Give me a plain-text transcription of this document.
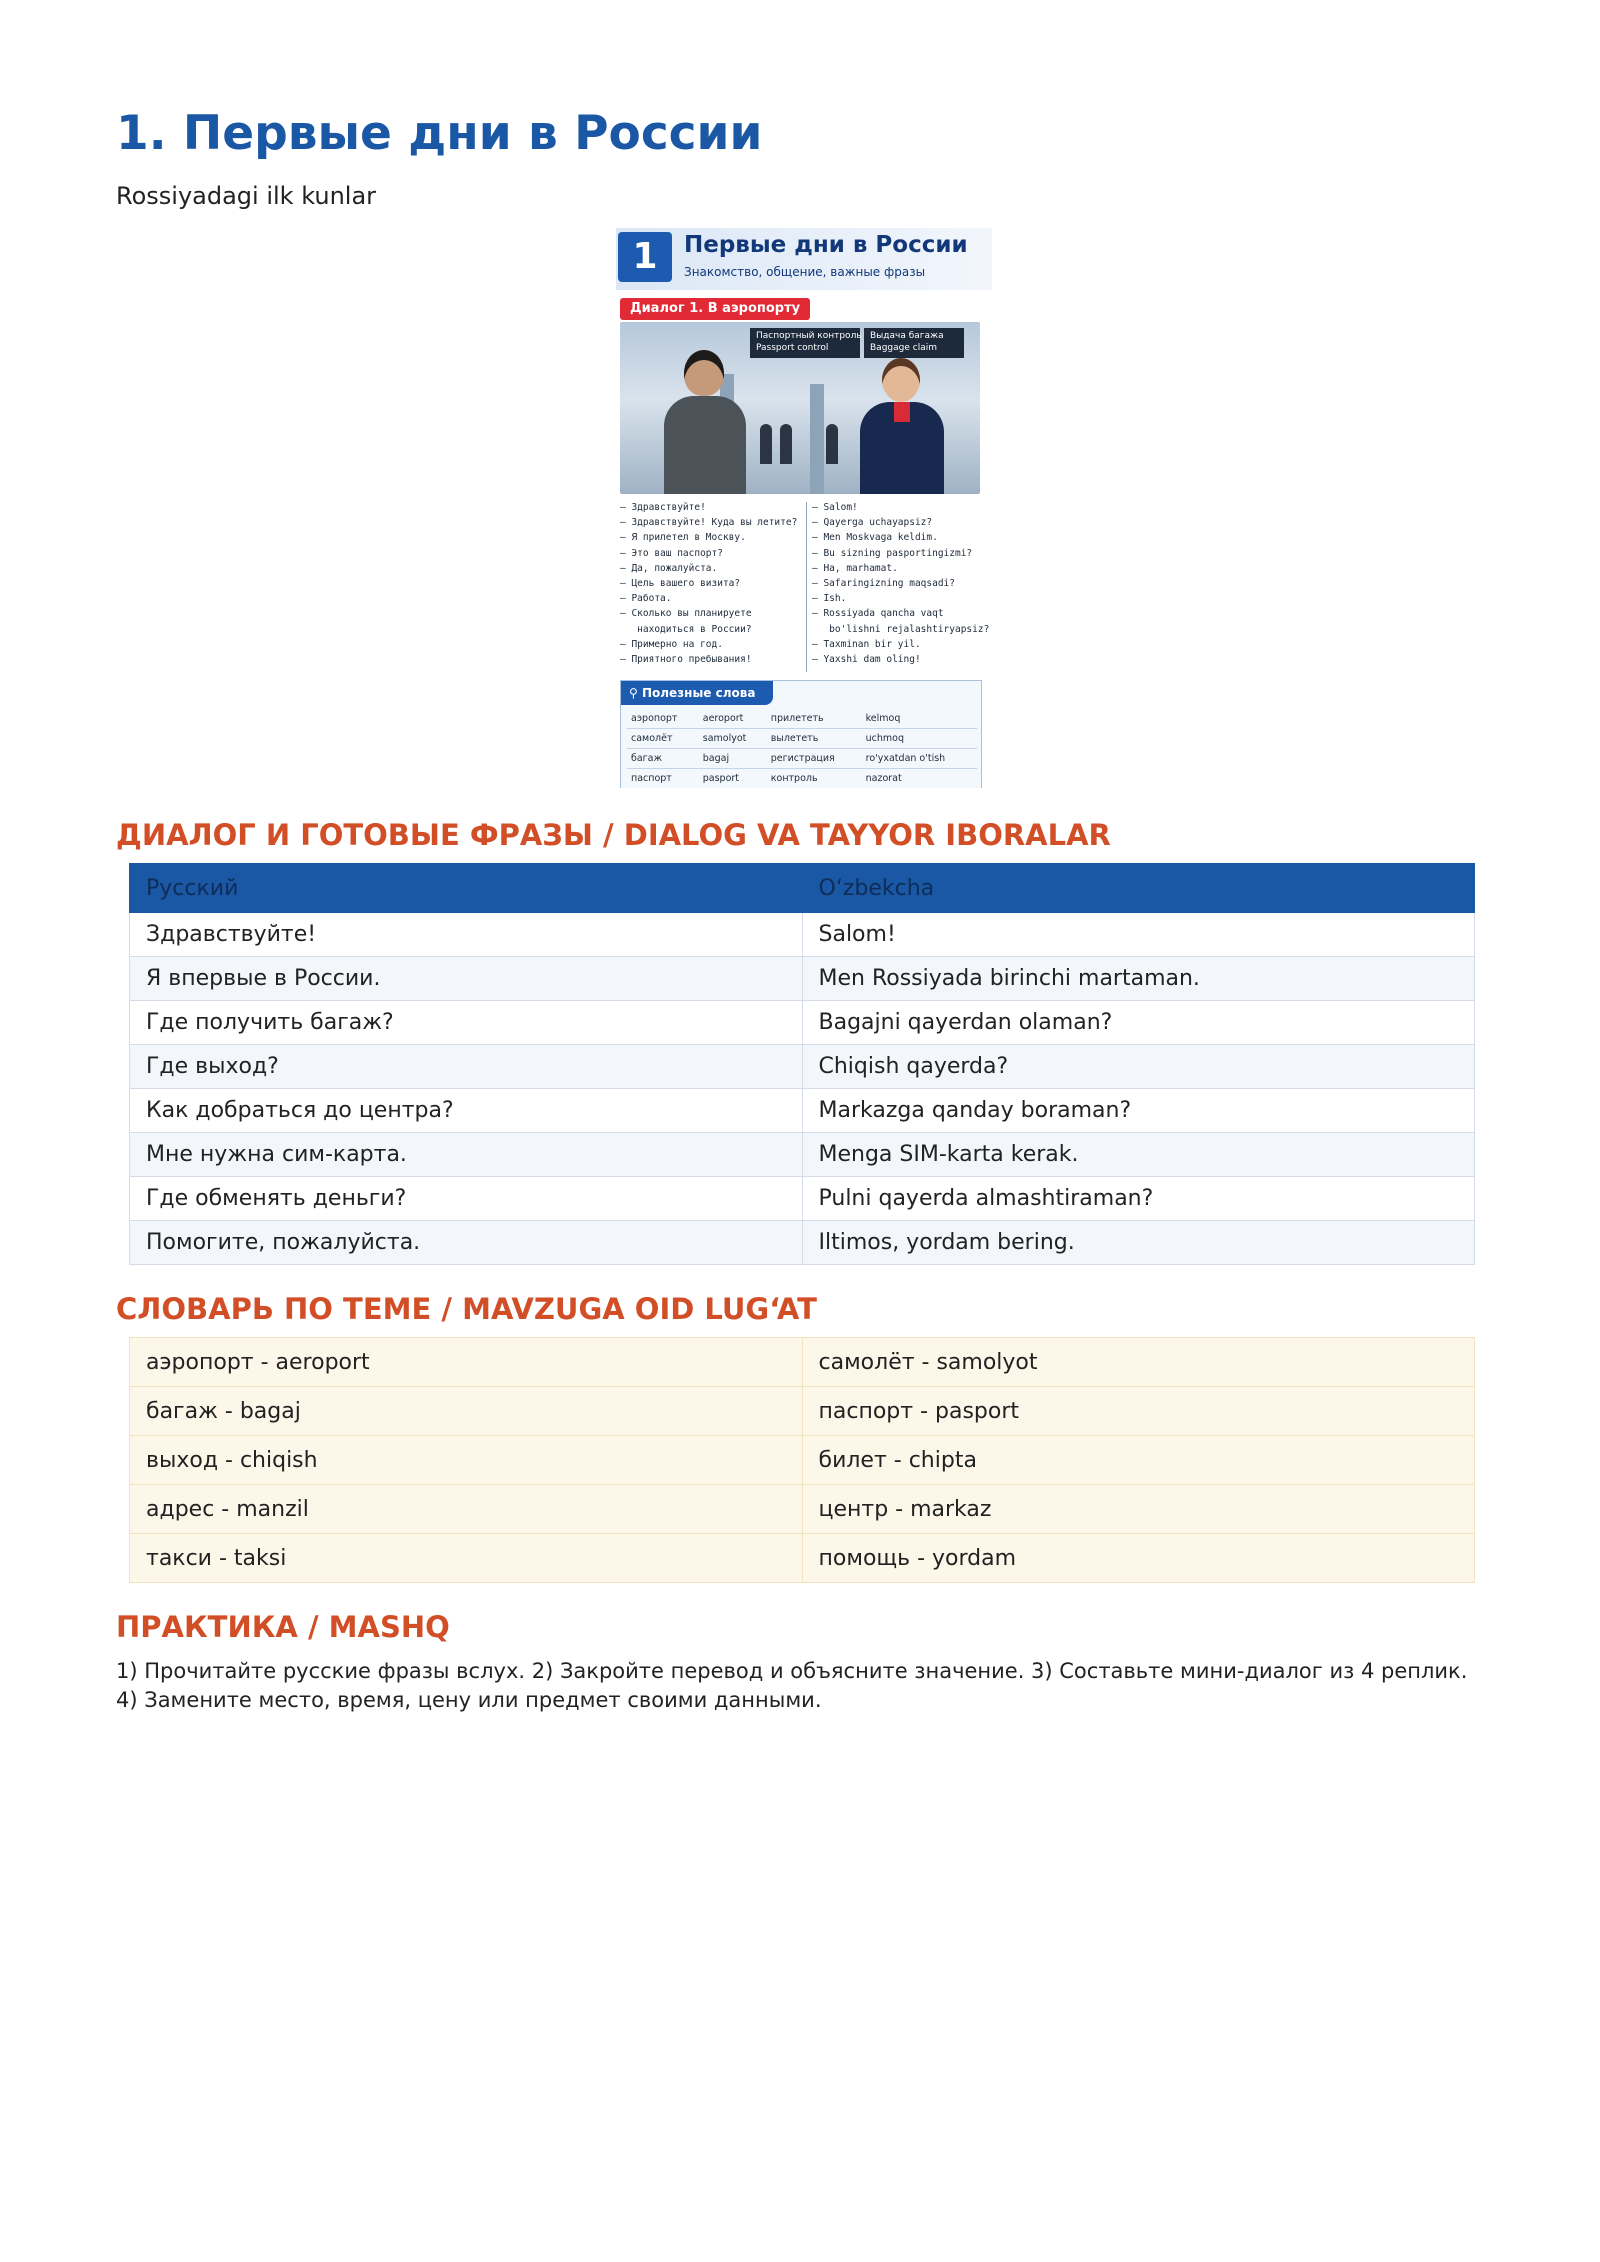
1. Первые дни в России
Rossiyadagi ilk kunlar
1	Первые дни в России
Знакомство, общение, важные фразы
Диалог 1. В аэропорту
Паспортный контроль
Passport control
Выдача багажа
Baggage claim
— Здравствуйте!
— Здравствуйте! Куда вы летите?
— Я прилетел в Москву.
— Это ваш паспорт?
— Да, пожалуйста.
— Цель вашего визита?
— Работа.
— Сколько вы планируете
находиться в России?
— Примерно на год.
— Приятного пребывания!
— Salom!
— Qayerga uchayapsiz?
— Men Moskvaga keldim.
— Bu sizning pasportingizmi?
— Ha, marhamat.
— Safaringizning maqsadi?
— Ish.
— Rossiyada qancha vaqt
bo'lishni rejalashtiryapsiz?
— Taxminan bir yil.
— Yaxshi dam oling!
⚲ Полезные слова
аэропорт	aeroport	прилететь	kelmoq
самолёт	samolyot	вылететь	uchmoq
багаж	bagaj	регистрация	ro'yxatdan o'tish
паспорт	pasport	контроль	nazorat
ДИАЛОГ И ГОТОВЫЕ ФРАЗЫ / DIALOG VA TAYYOR IBORALAR
Русский	O‘zbekcha
Здравствуйте!	Salom!
Я впервые в России.	Men Rossiyada birinchi martaman.
Где получить багаж?	Bagajni qayerdan olaman?
Где выход?	Chiqish qayerda?
Как добраться до центра?	Markazga qanday boraman?
Мне нужна сим-карта.	Menga SIM-karta kerak.
Где обменять деньги?	Pulni qayerda almashtiraman?
Помогите, пожалуйста.	Iltimos, yordam bering.
СЛОВАРЬ ПО ТЕМЕ / MAVZUGA OID LUG‘AT
аэропорт - aeroport	самолёт - samolyot
багаж - bagaj	паспорт - pasport
выход - chiqish	билет - chipta
адрес - manzil	центр - markaz
такси - taksi	помощь - yordam
ПРАКТИКА / MASHQ

1) Прочитайте русские фразы вслух. 2) Закройте перевод и объясните значение. 3) Составьте мини-диалог из 4 реплик. 4) Замените место, время, цену или предмет своими данными.
